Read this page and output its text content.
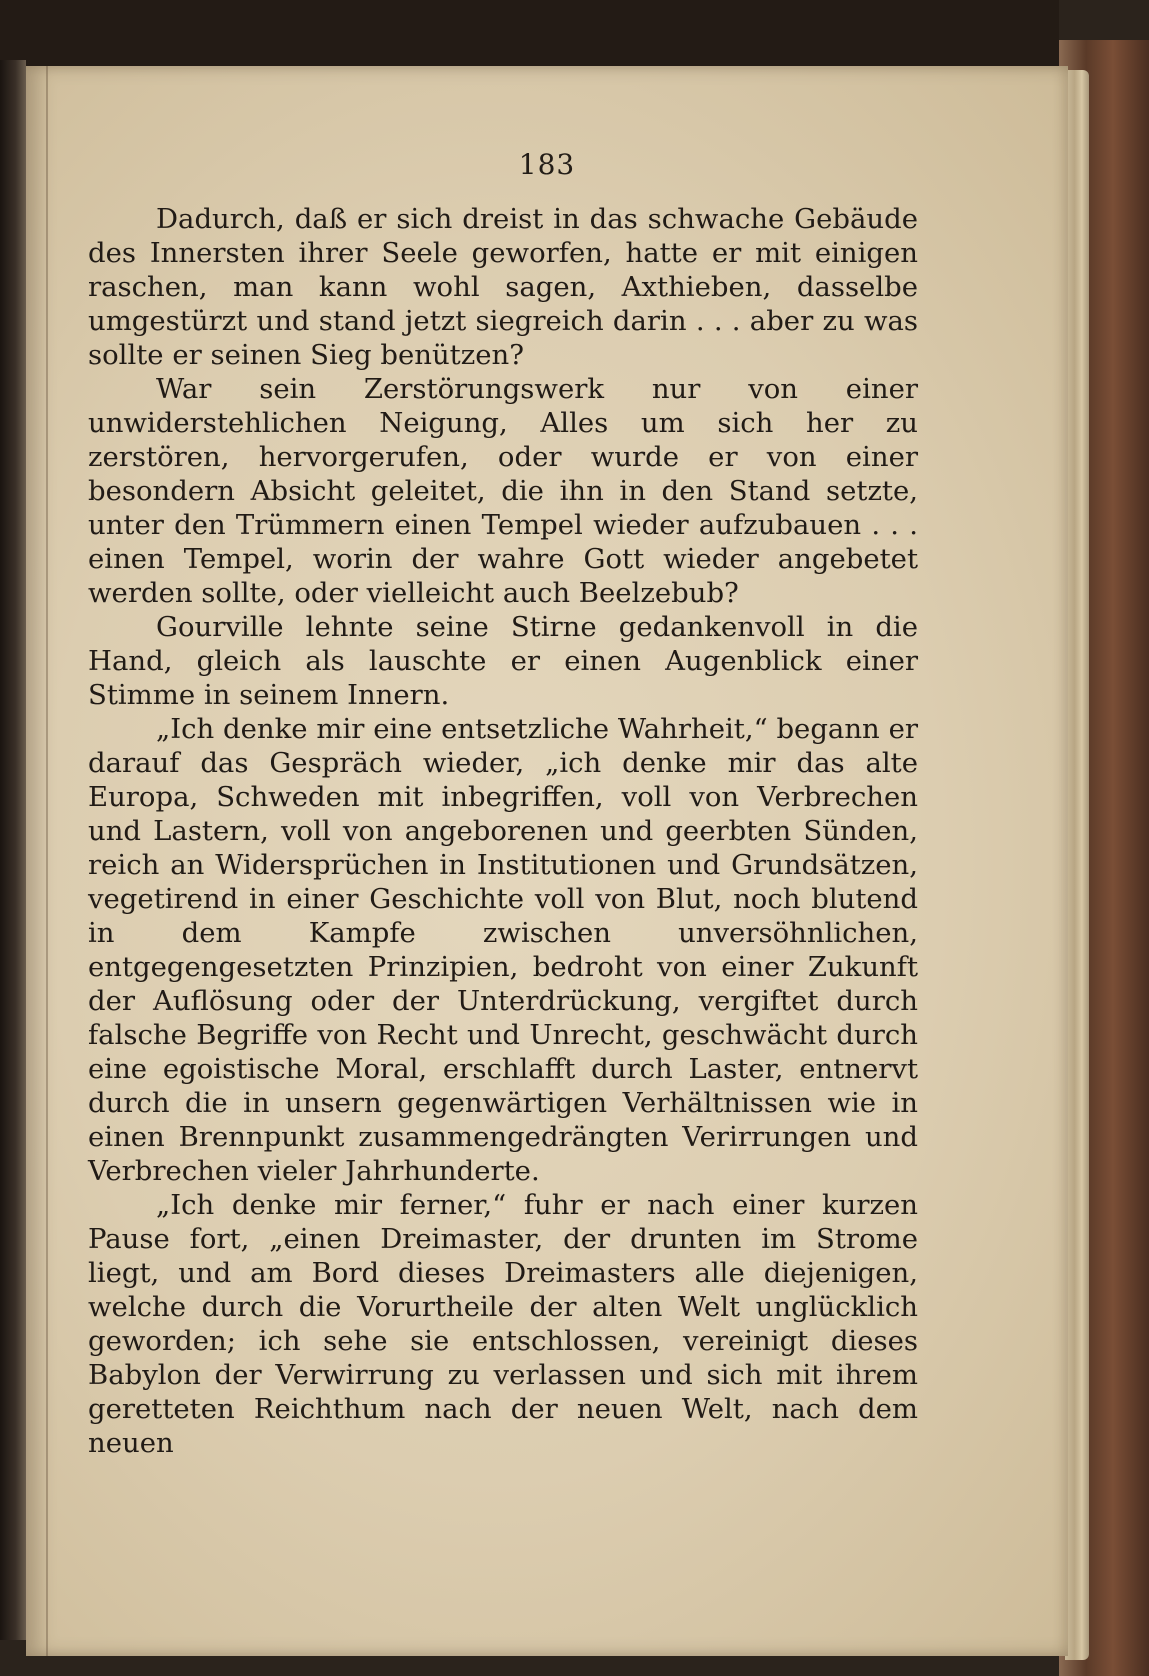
183

Dadurch, daß er sich dreist in das schwache Gebäude des Innersten ihrer Seele geworfen, hatte er mit einigen raschen, man kann wohl sagen, Axthieben, dasselbe umgestürzt und stand jetzt siegreich darin . . . aber zu was sollte er seinen Sieg benützen?

War sein Zerstörungswerk nur von einer unwiderstehlichen Neigung, Alles um sich her zu zerstören, hervorgerufen, oder wurde er von einer besondern Absicht geleitet, die ihn in den Stand setzte, unter den Trümmern einen Tempel wieder aufzubauen . . . einen Tempel, worin der wahre Gott wieder angebetet werden sollte, oder vielleicht auch Beelzebub?

Gourville lehnte seine Stirne gedankenvoll in die Hand, gleich als lauschte er einen Augenblick einer Stimme in seinem Innern.

„Ich denke mir eine entsetzliche Wahrheit,“ begann er darauf das Gespräch wieder, „ich denke mir das alte Europa, Schweden mit inbegriffen, voll von Verbrechen und Lastern, voll von angeborenen und geerbten Sünden, reich an Widersprüchen in Institutionen und Grundsätzen, vegetirend in einer Geschichte voll von Blut, noch blutend in dem Kampfe zwischen unversöhnlichen, entgegengesetzten Prinzipien, bedroht von einer Zukunft der Auflösung oder der Unterdrückung, vergiftet durch falsche Begriffe von Recht und Unrecht, geschwächt durch eine egoistische Moral, erschlafft durch Laster, entnervt durch die in unsern gegenwärtigen Verhältnissen wie in einen Brennpunkt zusammengedrängten Verirrungen und Verbrechen vieler Jahrhunderte.

„Ich denke mir ferner,“ fuhr er nach einer kurzen Pause fort, „einen Dreimaster, der drunten im Strome liegt, und am Bord dieses Dreimasters alle diejenigen, welche durch die Vorurtheile der alten Welt unglücklich geworden; ich sehe sie entschlossen, vereinigt dieses Babylon der Verwirrung zu verlassen und sich mit ihrem geretteten Reichthum nach der neuen Welt, nach dem neuen
